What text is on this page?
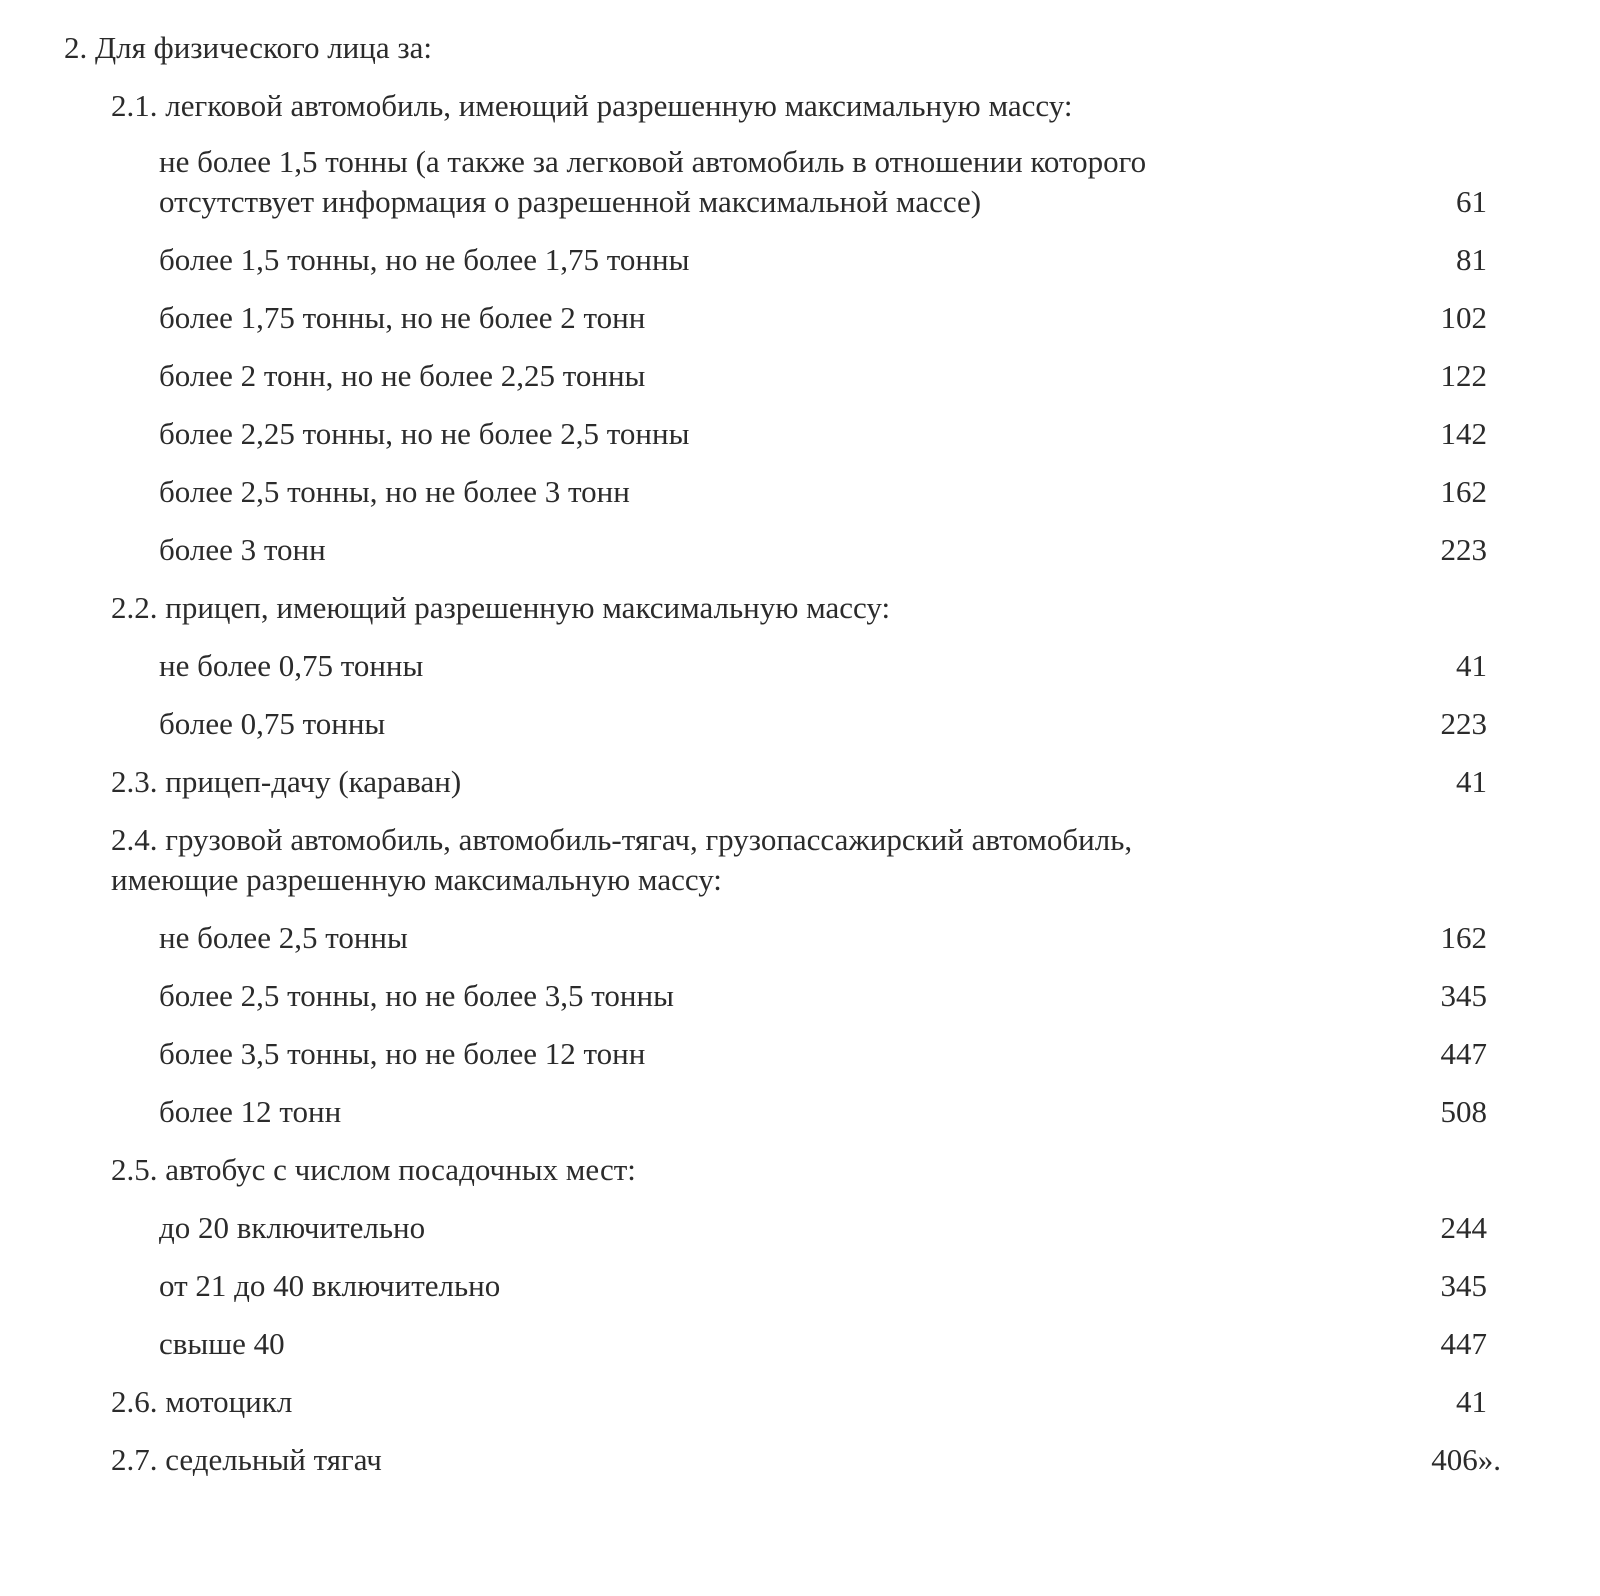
2. Для физического лица за:
2.1. легковой автомобиль, имеющий разрешенную максимальную массу:
не более 1,5 тонны (а также за легковой автомобиль в отношении которого
отсутствует информация о разрешенной максимальной массе)	61
более 1,5 тонны, но не более 1,75 тонны	81
более 1,75 тонны, но не более 2 тонн	102
более 2 тонн, но не более 2,25 тонны	122
более 2,25 тонны, но не более 2,5 тонны	142
более 2,5 тонны, но не более 3 тонн	162
более 3 тонн	223
2.2. прицеп, имеющий разрешенную максимальную массу:
не более 0,75 тонны	41
более 0,75 тонны	223
2.3. прицеп-дачу (караван)	41
2.4. грузовой автомобиль, автомобиль-тягач, грузопассажирский автомобиль,
имеющие разрешенную максимальную массу:
не более 2,5 тонны	162
более 2,5 тонны, но не более 3,5 тонны	345
более 3,5 тонны, но не более 12 тонн	447
более 12 тонн	508
2.5. автобус с числом посадочных мест:
до 20 включительно	244
от 21 до 40 включительно	345
свыше 40	447
2.6. мотоцикл	41
2.7. седельный тягач	406».
